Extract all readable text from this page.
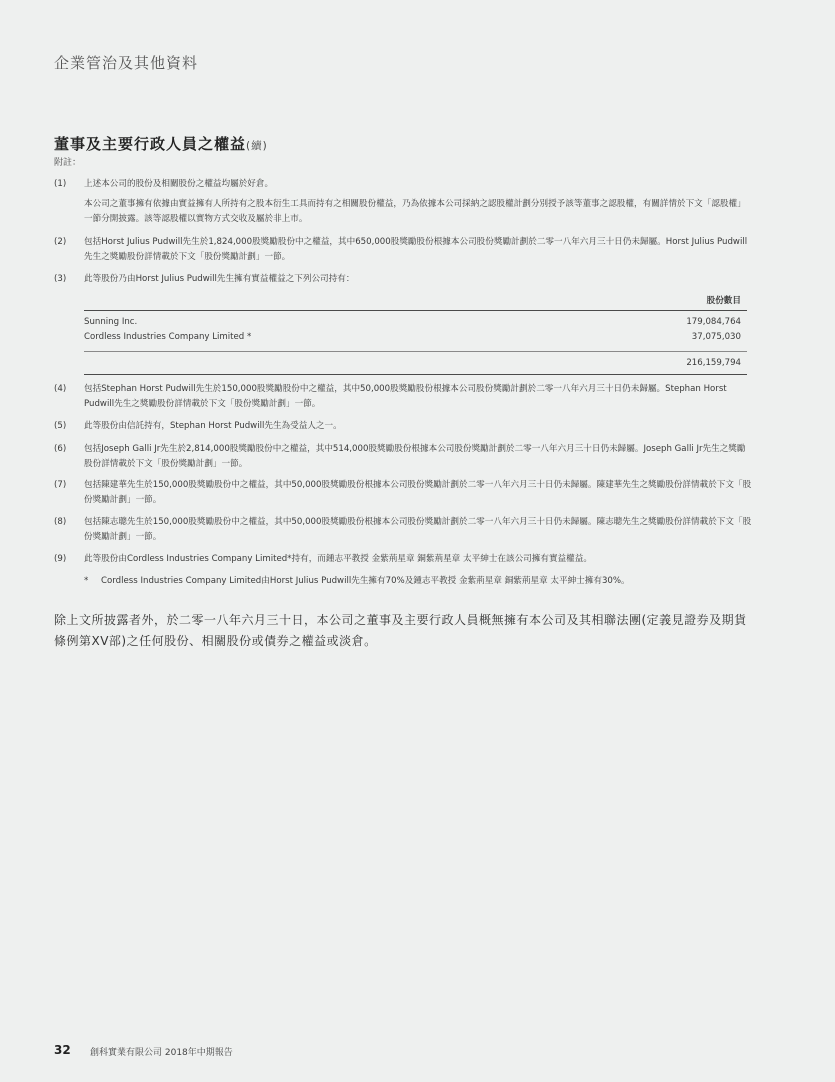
企業管治及其他資料
董事及主要行政人員之權益(續)
附註：
(1)	上述本公司的股份及相關股份之權益均屬於好倉。
本公司之董事擁有依據由實益擁有人所持有之股本衍生工具而持有之相關股份權益，乃為依據本公司採納之認股權計劃分別授予該等董事之認股權，有關詳情於下文「認股權」一節分開披露。該等認股權以實物方式交收及屬於非上市。
(2)	包括Horst Julius Pudwill先生於1,824,000股獎勵股份中之權益，其中650,000股獎勵股份根據本公司股份獎勵計劃於二零一八年六月三十日仍未歸屬。Horst Julius Pudwill先生之獎勵股份詳情載於下文「股份獎勵計劃」一節。
(3)	此等股份乃由Horst Julius Pudwill先生擁有實益權益之下列公司持有：
股份數目
Sunning Inc.	179,084,764
Cordless Industries Company Limited *	37,075,030
216,159,794
(4)	包括Stephan Horst Pudwill先生於150,000股獎勵股份中之權益，其中50,000股獎勵股份根據本公司股份獎勵計劃於二零一八年六月三十日仍未歸屬。Stephan Horst Pudwill先生之獎勵股份詳情載於下文「股份獎勵計劃」一節。
(5)	此等股份由信託持有，Stephan Horst Pudwill先生為受益人之一。
(6)	包括Joseph Galli Jr先生於2,814,000股獎勵股份中之權益，其中514,000股獎勵股份根據本公司股份獎勵計劃於二零一八年六月三十日仍未歸屬。Joseph Galli Jr先生之獎勵股份詳情載於下文「股份獎勵計劃」一節。
(7)	包括陳建華先生於150,000股獎勵股份中之權益，其中50,000股獎勵股份根據本公司股份獎勵計劃於二零一八年六月三十日仍未歸屬。陳建華先生之獎勵股份詳情載於下文「股份獎勵計劃」一節。
(8)	包括陳志聰先生於150,000股獎勵股份中之權益，其中50,000股獎勵股份根據本公司股份獎勵計劃於二零一八年六月三十日仍未歸屬。陳志聰先生之獎勵股份詳情載於下文「股份獎勵計劃」一節。
(9)	此等股份由Cordless Industries Company Limited*持有，而鍾志平教授 金紫荊星章 銅紫荊星章 太平紳士在該公司擁有實益權益。
* Cordless Industries Company Limited由Horst Julius Pudwill先生擁有70%及鍾志平教授 金紫荊星章 銅紫荊星章 太平紳士擁有30%。
除上文所披露者外，於二零一八年六月三十日，本公司之董事及主要行政人員概無擁有本公司及其相聯法團(定義見證券及期貨條例第XV部)之任何股份、相關股份或債券之權益或淡倉。
32 創科實業有限公司 2018年中期報告
